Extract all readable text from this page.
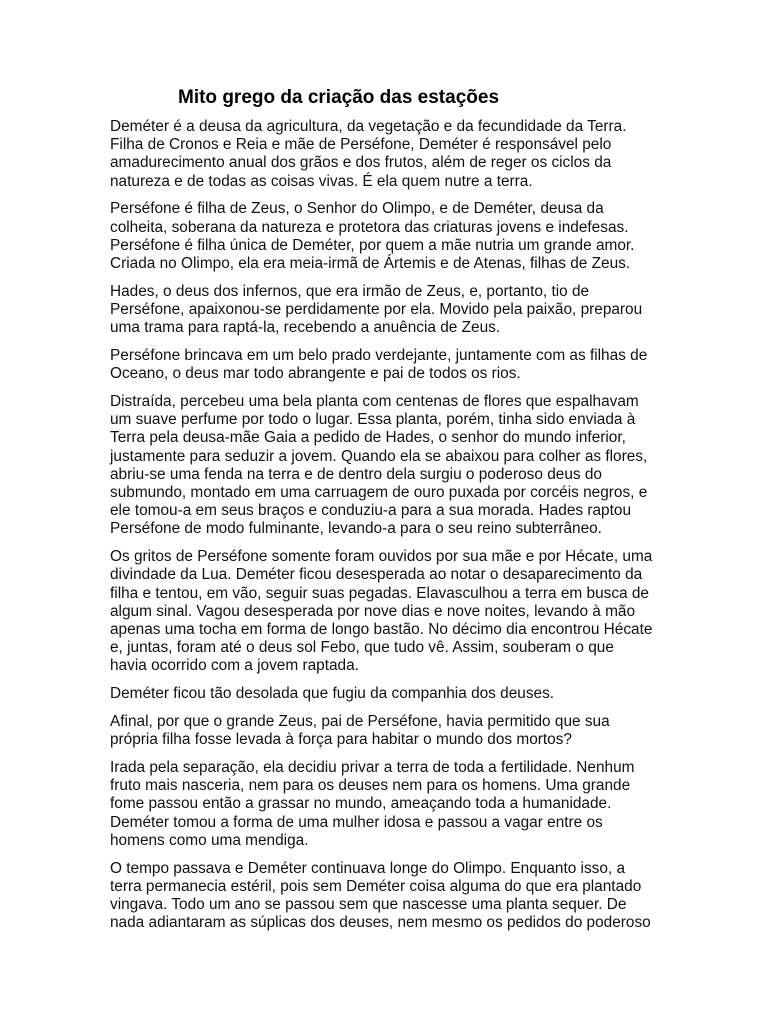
Mito grego da criação das estações

Deméter é a deusa da agricultura, da vegetação e da fecundidade da Terra.
Filha de Cronos e Reia e mãe de Perséfone, Deméter é responsável pelo
amadurecimento anual dos grãos e dos frutos, além de reger os ciclos da
natureza e de todas as coisas vivas. É ela quem nutre a terra.

Perséfone é filha de Zeus, o Senhor do Olimpo, e de Deméter, deusa da
colheita, soberana da natureza e protetora das criaturas jovens e indefesas.
Perséfone é filha única de Deméter, por quem a mãe nutria um grande amor.
Criada no Olimpo, ela era meia-irmã de Ártemis e de Atenas, filhas de Zeus.

Hades, o deus dos infernos, que era irmão de Zeus, e, portanto, tio de
Perséfone, apaixonou-se perdidamente por ela. Movido pela paixão, preparou
uma trama para raptá-la, recebendo a anuência de Zeus.

Perséfone brincava em um belo prado verdejante, juntamente com as filhas de
Oceano, o deus mar todo abrangente e pai de todos os rios.

Distraída, percebeu uma bela planta com centenas de flores que espalhavam
um suave perfume por todo o lugar. Essa planta, porém, tinha sido enviada à
Terra pela deusa-mãe Gaia a pedido de Hades, o senhor do mundo inferior,
justamente para seduzir a jovem. Quando ela se abaixou para colher as flores,
abriu-se uma fenda na terra e de dentro dela surgiu o poderoso deus do
submundo, montado em uma carruagem de ouro puxada por corcéis negros, e
ele tomou-a em seus braços e conduziu-a para a sua morada. Hades raptou
Perséfone de modo fulminante, levando-a para o seu reino subterrâneo.

Os gritos de Perséfone somente foram ouvidos por sua mãe e por Hécate, uma
divindade da Lua. Deméter ficou desesperada ao notar o desaparecimento da
filha e tentou, em vão, seguir suas pegadas. Elavasculhou a terra em busca de
algum sinal. Vagou desesperada por nove dias e nove noites, levando à mão
apenas uma tocha em forma de longo bastão. No décimo dia encontrou Hécate
e, juntas, foram até o deus sol Febo, que tudo vê. Assim, souberam o que
havia ocorrido com a jovem raptada.

Deméter ficou tão desolada que fugiu da companhia dos deuses.

Afinal, por que o grande Zeus, pai de Perséfone, havia permitido que sua
própria filha fosse levada à força para habitar o mundo dos mortos?

Irada pela separação, ela decidiu privar a terra de toda a fertilidade. Nenhum
fruto mais nasceria, nem para os deuses nem para os homens. Uma grande
fome passou então a grassar no mundo, ameaçando toda a humanidade.
Deméter tomou a forma de uma mulher idosa e passou a vagar entre os
homens como uma mendiga.

O tempo passava e Deméter continuava longe do Olimpo. Enquanto isso, a
terra permanecia estéril, pois sem Deméter coisa alguma do que era plantado
vingava. Todo um ano se passou sem que nascesse uma planta sequer. De
nada adiantaram as súplicas dos deuses, nem mesmo os pedidos do poderoso
